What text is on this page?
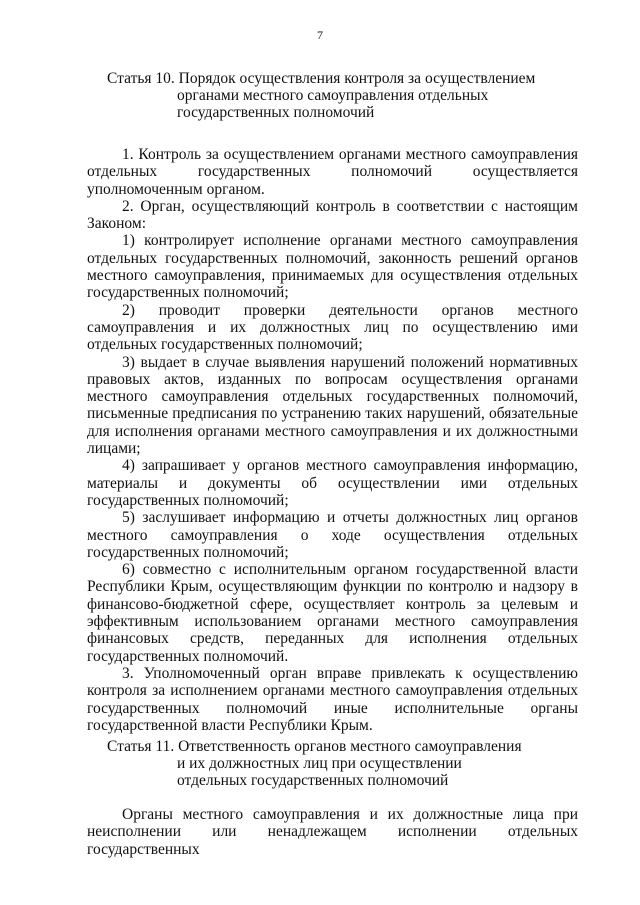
7
Статья 10. Порядок осуществления контроля за осуществлением
органами местного самоуправления отдельных
государственных полномочий

1. Контроль за осуществлением органами местного самоуправления отдельных государственных полномочий осуществляется уполномоченным органом.

2. Орган, осуществляющий контроль в соответствии с настоящим Законом:

1) контролирует исполнение органами местного самоуправления отдельных государственных полномочий, законность решений органов местного самоуправления, принимаемых для осуществления отдельных государственных полномочий;

2) проводит проверки деятельности органов местного самоуправления и их должностных лиц по осуществлению ими отдельных государственных полномочий;

3) выдает в случае выявления нарушений положений нормативных правовых актов, изданных по вопросам осуществления органами местного самоуправления отдельных государственных полномочий, письменные предписания по устранению таких нарушений, обязательные для исполнения органами местного самоуправления и их должностными лицами;

4) запрашивает у органов местного самоуправления информацию, материалы и документы об осуществлении ими отдельных государственных полномочий;

5) заслушивает информацию и отчеты должностных лиц органов местного самоуправления о ходе осуществления отдельных государственных полномочий;

6) совместно с исполнительным органом государственной власти Республики Крым, осуществляющим функции по контролю и надзору в финансово-бюджетной сфере, осуществляет контроль за целевым и эффективным использованием органами местного самоуправления финансовых средств, переданных для исполнения отдельных государственных полномочий.

3. Уполномоченный орган вправе привлекать к осуществлению контроля за исполнением органами местного самоуправления отдельных государственных полномочий иные исполнительные органы государственной власти Республики Крым.

Статья 11. Ответственность органов местного самоуправления
и их должностных лиц при осуществлении
отдельных государственных полномочий

Органы местного самоуправления и их должностные лица при неисполнении или ненадлежащем исполнении отдельных государственных
